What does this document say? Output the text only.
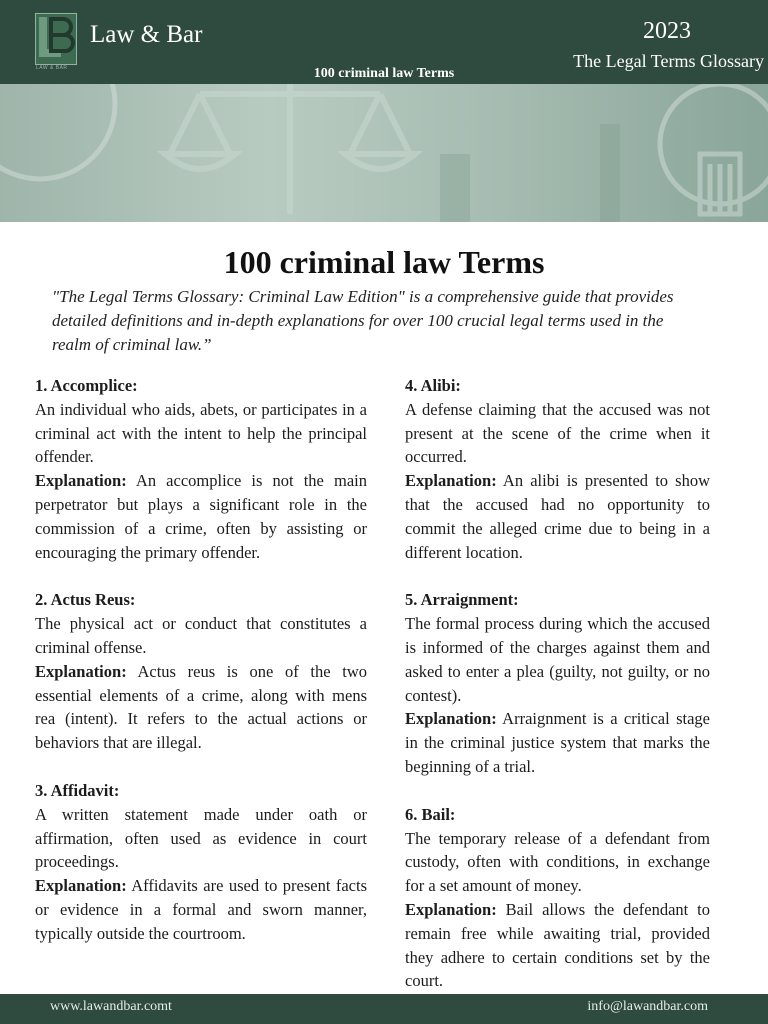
LAW & BAR
Law & Bar	2023
The Legal Terms Glossary
100 criminal law Terms
100 criminal law Terms

"The Legal Terms Glossary: Criminal Law Edition" is a comprehensive guide that provides detailed definitions and in-depth explanations for over 100 crucial legal terms used in the realm of criminal law.”

1. Accomplice:

An individual who aids, abets, or participates in a criminal act with the intent to help the principal offender.

Explanation: An accomplice is not the main perpetrator but plays a significant role in the commission of a crime, often by assisting or encouraging the primary offender.

2. Actus Reus:

The physical act or conduct that constitutes a criminal offense.

Explanation: Actus reus is one of the two essential elements of a crime, along with mens rea (intent). It refers to the actual actions or behaviors that are illegal.

3. Affidavit:

A written statement made under oath or affirmation, often used as evidence in court proceedings.

Explanation: Affidavits are used to present facts or evidence in a formal and sworn manner, typically outside the courtroom.

4. Alibi:

A defense claiming that the accused was not present at the scene of the crime when it occurred.

Explanation: An alibi is presented to show that the accused had no opportunity to commit the alleged crime due to being in a different location.

5. Arraignment:

The formal process during which the accused is informed of the charges against them and asked to enter a plea (guilty, not guilty, or no contest).

Explanation: Arraignment is a critical stage in the criminal justice system that marks the beginning of a trial.

6. Bail:

The temporary release of a defendant from custody, often with conditions, in exchange for a set amount of money.

Explanation: Bail allows the defendant to remain free while awaiting trial, provided they adhere to certain conditions set by the court.

www.lawandbar.comt	info@lawandbar.com
